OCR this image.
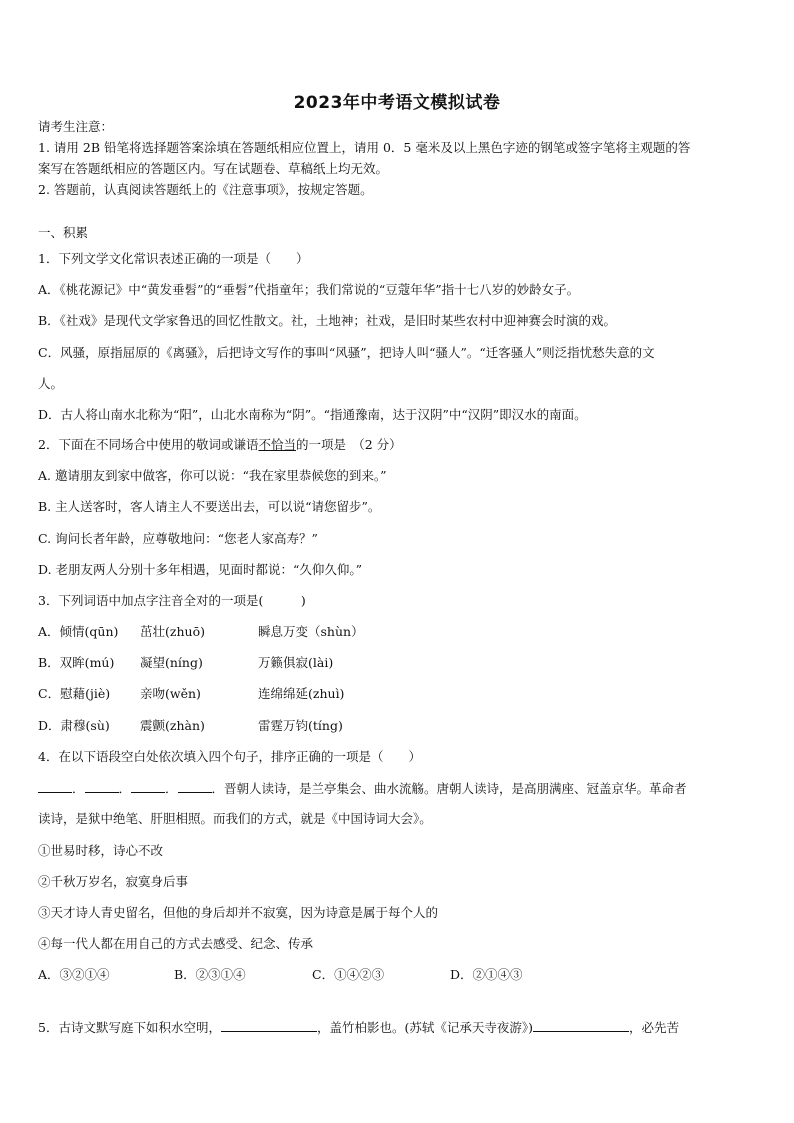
2023年中考语文模拟试卷
请考生注意：
1. 请用 2B 铅笔将选择题答案涂填在答题纸相应位置上，请用 0．5 毫米及以上黑色字迹的钢笔或签字笔将主观题的答
案写在答题纸相应的答题区内。写在试题卷、草稿纸上均无效。
2. 答题前，认真阅读答题纸上的《注意事项》，按规定答题。
一、积累
1．下列文学文化常识表述正确的一项是（　　）
A．《桃花源记》中“黄发垂髫”的“垂髫”代指童年；我们常说的“豆蔻年华”指十七八岁的妙龄女子。
B．《社戏》是现代文学家鲁迅的回忆性散文。社，土地神；社戏，是旧时某些农村中迎神赛会时演的戏。
C．风骚，原指屈原的《离骚》，后把诗文写作的事叫“风骚”，把诗人叫“骚人”。“迁客骚人”则泛指忧愁失意的文
人。
D．古人将山南水北称为“阳”，山北水南称为“阴”。“指通豫南，达于汉阴”中“汉阴”即汉水的南面。
2．下面在不同场合中使用的敬词或谦语不恰当的一项是　（2 分）
A. 邀请朋友到家中做客，你可以说：“我在家里恭候您的到来。”
B. 主人送客时，客人请主人不要送出去，可以说“请您留步”。
C. 询问长者年龄，应尊敬地问：“您老人家高寿？”
D. 老朋友两人分别十多年相遇，见面时都说：“久仰久仰。”
3．下列词语中加点字注音全对的一项是(　　　)
A．倾情(qūn) 茁壮(zhuō)	瞬息万变（shùn）
B．双眸(mú) 凝望(níng)	万籁俱寂(lài)
C．慰藉(jiè) 亲吻(wěn)	连绵绵延(zhuì)
D．肃穆(sù) 震颤(zhàn)	雷霆万钧(tíng)
4．在以下语段空白处依次填入四个句子，排序正确的一项是（　　）
．	．	．	．晋朝人读诗，是兰亭集会、曲水流觞。唐朝人读诗，是高朋满座、冠盖京华。革命者
读诗，是狱中绝笔、肝胆相照。而我们的方式，就是《中国诗词大会》。
①世易时移，诗心不改
②千秋万岁名，寂寞身后事
③天才诗人青史留名，但他的身后却并不寂寞，因为诗意是属于每个人的
④每一代人都在用自己的方式去感受、纪念、传承
A．③②①④	B．②③①④	C．①④②③	D．②①④③
5．古诗文默写庭下如积水空明，	，盖竹柏影也。(苏轼《记承天寺夜游》)	，必先苦
